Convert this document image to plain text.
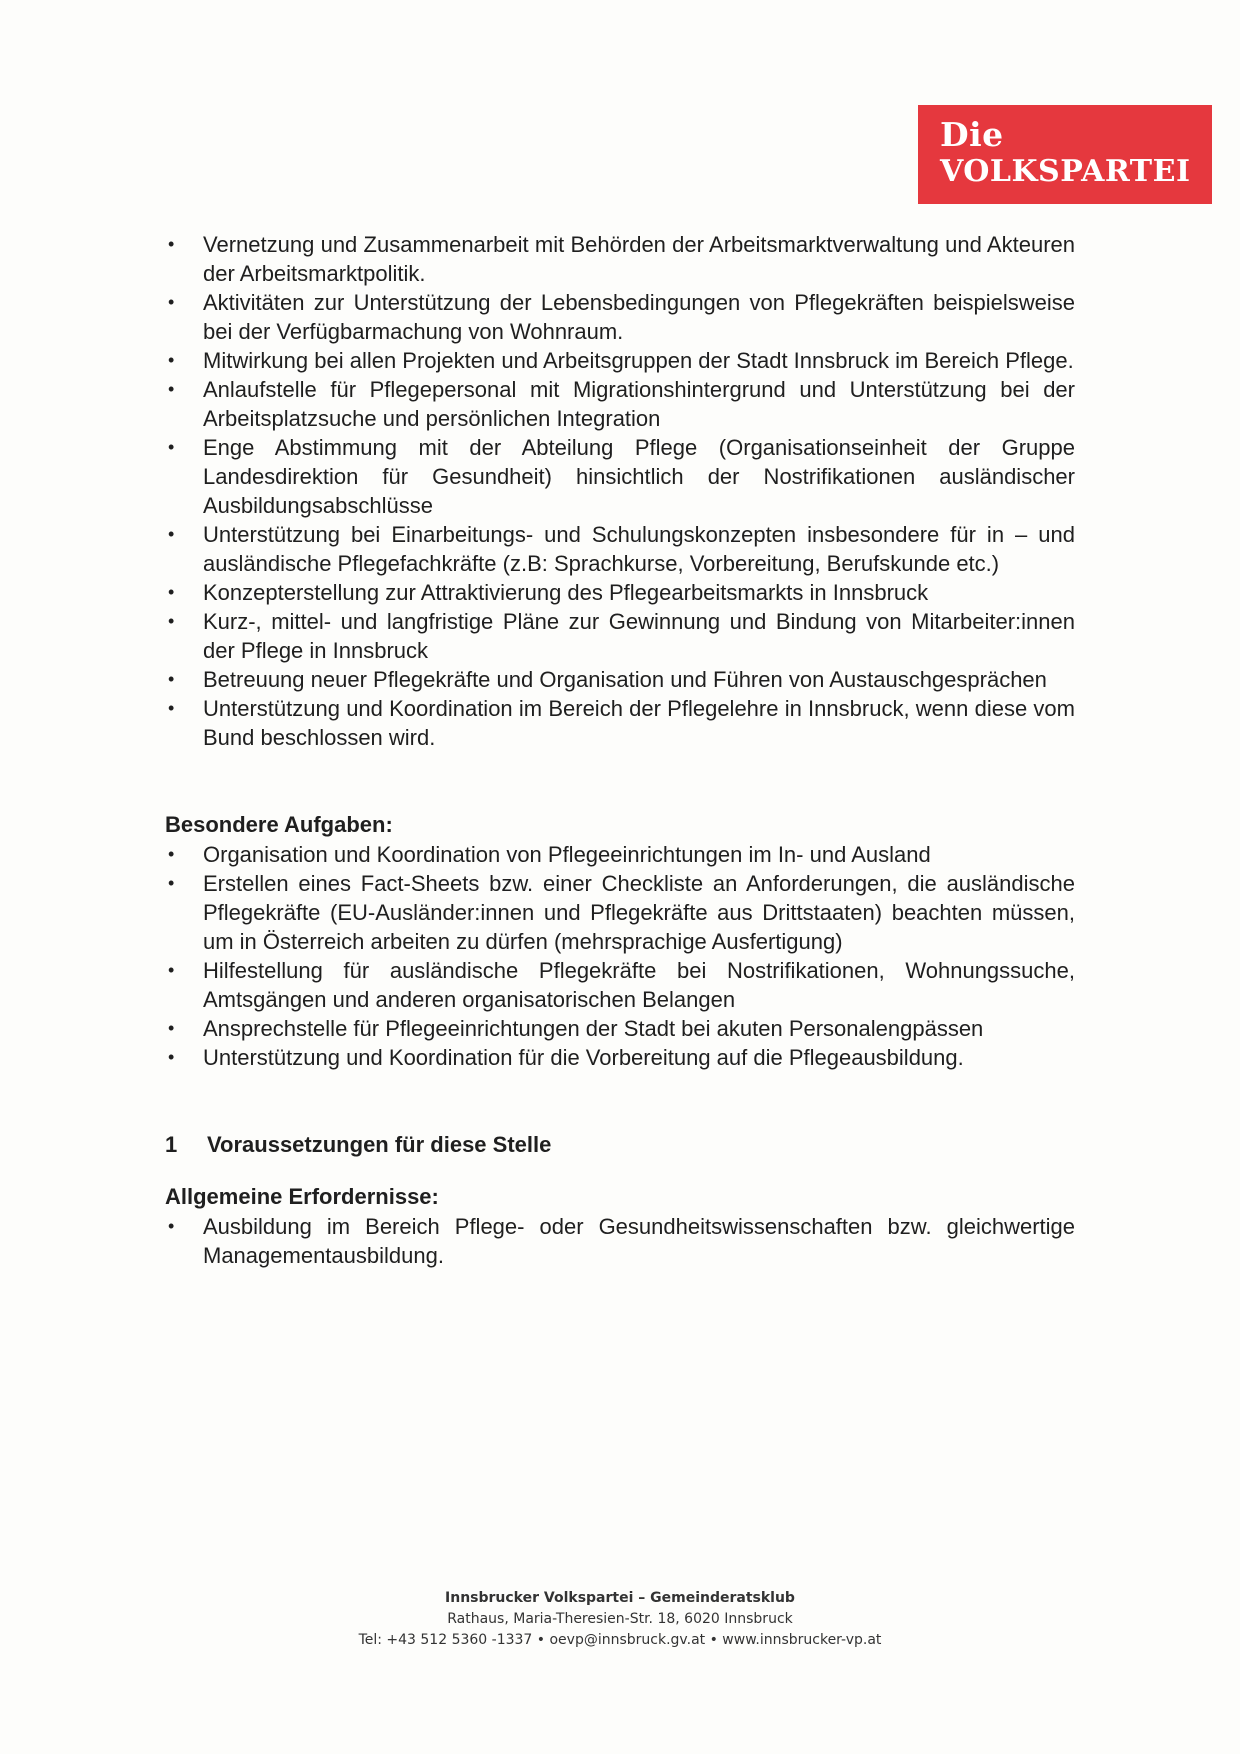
Die
VOLKSPARTEI
• Vernetzung und Zusammenarbeit mit Behörden der Arbeitsmarktverwaltung und Akteuren der Arbeitsmarktpolitik.
• Aktivitäten zur Unterstützung der Lebensbedingungen von Pflegekräften beispielsweise bei der Verfügbarmachung von Wohnraum.
• Mitwirkung bei allen Projekten und Arbeitsgruppen der Stadt Innsbruck im Bereich Pflege.
• Anlaufstelle für Pflegepersonal mit Migrationshintergrund und Unterstützung bei der Arbeitsplatzsuche und persönlichen Integration
• Enge Abstimmung mit der Abteilung Pflege (Organisationseinheit der Gruppe Landesdirektion für Gesundheit) hinsichtlich der Nostrifikationen ausländischer Ausbildungsabschlüsse
• Unterstützung bei Einarbeitungs- und Schulungskonzepten insbesondere für in – und ausländische Pflegefachkräfte (z.B: Sprachkurse, Vorbereitung, Berufskunde etc.)
• Konzepterstellung zur Attraktivierung des Pflegearbeitsmarkts in Innsbruck
• Kurz-, mittel- und langfristige Pläne zur Gewinnung und Bindung von Mitarbeiter:innen der Pflege in Innsbruck
• Betreuung neuer Pflegekräfte und Organisation und Führen von Austauschgesprächen
• Unterstützung und Koordination im Bereich der Pflegelehre in Innsbruck, wenn diese vom Bund beschlossen wird.

Besondere Aufgaben:

• Organisation und Koordination von Pflegeeinrichtungen im In- und Ausland
• Erstellen eines Fact-Sheets bzw. einer Checkliste an Anforderungen, die ausländische Pflegekräfte (EU-Ausländer:innen und Pflegekräfte aus Drittstaaten) beachten müssen, um in Österreich arbeiten zu dürfen (mehrsprachige Ausfertigung)
• Hilfestellung für ausländische Pflegekräfte bei Nostrifikationen, Wohnungssuche, Amtsgängen und anderen organisatorischen Belangen
• Ansprechstelle für Pflegeeinrichtungen der Stadt bei akuten Personalengpässen
• Unterstützung und Koordination für die Vorbereitung auf die Pflegeausbildung.
1	Voraussetzungen für diese Stelle

Allgemeine Erfordernisse:

• Ausbildung im Bereich Pflege- oder Gesundheitswissenschaften bzw. gleichwertige Managementausbildung.
Innsbrucker Volkspartei – Gemeinderatsklub
Rathaus, Maria-Theresien-Str. 18, 6020 Innsbruck
Tel: +43 512 5360 -1337 • oevp@innsbruck.gv.at • www.innsbrucker-vp.at
